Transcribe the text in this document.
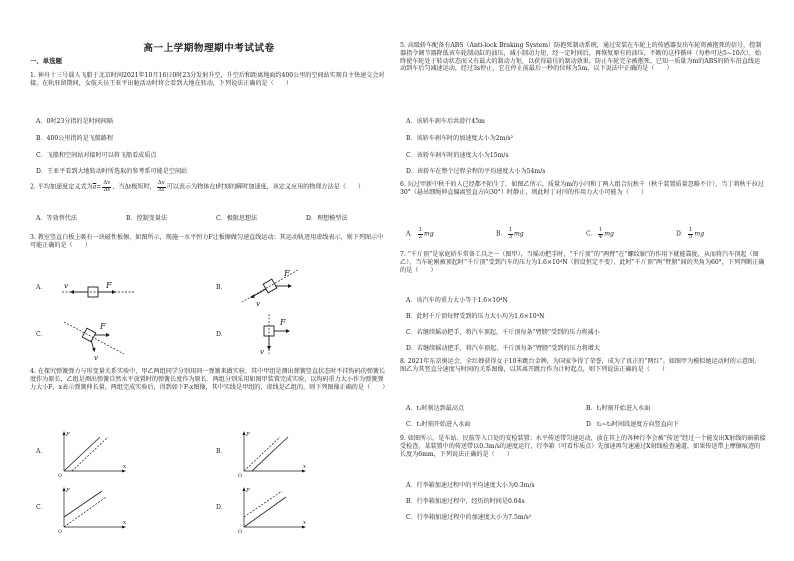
高一上学期物理期中考试试卷
一、单选题
1. 神舟十三号载人飞船于北京时间2021年10月16日0时23分发射升空，升空后和距离地面约400公里的空间站实现自主快速交会对接，在轨驻留期间，女航天员王亚平出舱活动时将会看到大地在转动，下列说法正确的是（　　）
A．0时23分指的是时间间隔
B．400公里指的是飞船路程
C．飞船和空间站对接时可以将飞船看成质点
D．王亚平看到大地转动时所选取的参考系可能是空间站
2. 平均加速度定义式为$\overline{a}= \frac{\Delta v}{\Delta t}$ ，当Δt极短时， $\frac{\Delta v}{\Delta t}$ 可以表示为物体在t时刻的瞬时加速度，该定义应用的物理方法是（　　）
A．等效替代法	B．控制变量法	C．极限思想法	D．理想模型法
3. 教室竖直白板上吸有一块磁性板擦，如图所示，现施一水平恒力F让板擦做匀速直线运动；其运动轨迹用虚线表示，则下列图示中可能正确的是（　　）
A．	v	F	B．
F
v
C．
F
v
D．
F
v
4. 在探究弹簧弹力与形变量关系实验中，甲乙两组同学分别用同一弹簧来做实验，其中甲组是测出弹簧竖直状态时不挂钩码的弹簧长度作为原长，乙组是测出弹簧自然水平放置时的弹簧长度作为原长．两组分别采用如图甲装置完成实验，以钩码重力大小作为弹簧弹力大小F，x表示弹簧伸长量，两组完成实验后，得到如下F-x图像，其中实线是甲组的，虚线是乙组的，则下列图像正确的是（　　）
A．
F
x
O
B．
F
x
O
C．
F
x
O
D．
F
x
O
5. 高级轿车配备有ABS（Anti-lock Braking System）防抱死制动系统，通过安装在车轮上的传感器发出车轮将被抱死的信号，控制器指令调节器降低该车轮制动缸的油压，减小制动力矩，经一定时间后，再恢复原有的油压，不断的这样循环（每秒可达5~10次），始终使车轮处于转动状态而又有最大的制动力矩，以获得最佳的制动效果，防止车轮完全被抱死。已知一质量为m的ABS的轿车沿直线运动到车后匀减速运动，经过3s停止，它在停止前最后一秒的位移为5m，以下说法中正确的是（　　）
A．该轿车刹车后共滑行45m
B．该轿车刹车时的加速度大小为2m/s²
C．该轿车刹车时的速度大小为15m/s
D．该轿车在整个过程全程的平均速度大小为54m/s
6. 玩过甲新中秋千的人已经都不陌生了。如图乙所示，质量为m的小闫和丁两人组合玩秋千（秋千装置质量忽略不计），当丁将秋千拉过30°（悬吊细绳伸直偏离竖直方向30°）时静止，则此时丁对闫的作用力大小可能为（　　）
A． $\frac{1}{2}$ mg	B． $\frac{1}{3}$ mg	C． $\frac{1}{4}$ mg	D． $\frac{1}{5}$ mg
7. “千斤顶”是家庭轿车常备工具之一（图甲），当摇动把手时，“千斤顶”的“两臂”在“螺纹轴”的作用下就能靠拢，从而将汽车顶起（图乙），当车轮刚被顶起时“千斤顶”受到汽车的压力为1.6×10⁴N（假设恒定不变），此时“千斤顶”两“臂膀”间的夹角为60°，下列判断正确的是（　　）
A．该汽车的重力大小等于1.6×10⁴N
B．此时千斤顶每臂受到的压力大小均为1.6×10⁴N
C．若继续摇动把手，将汽车顶起，千斤顶每条“臂膀”受到的压力将减小
D．若继续摇动把手，将汽车顶起，千斤顶每条“臂膀”受到的压力将增大
8. 2021年东京奥运会，全红婵获得女子10米跳台金牌，为国家争得了荣誉，成为了真正的“网红”。如图甲为模拟她运动时的示意图，图乙为其竖直分速度与时间的关系图像，以其离开跳台作为计时起点，则下列说法正确的是（　　）
A．t₁时刻达到最高点	B．t₁时刻开始进入水面
C．t₂时刻开始进入水面	D．t₂~t₃时间段速度方向竖直向下
9. 如图所示，是车站、民航等入口处的安检装置；水平传送带匀速运动，放在其上的各种行李会被“传送”经过一个能发出X射线的暗箱接受检查。某装置中的传送带以0.3m/s的速度运行，行李箱（可看作质点）先加速再匀速通过X射线检查通道，如果传送带上摩擦痕迹的长度为6mm，下列说法正确的是（　　）
A．行李箱加速过程中的平均速度大小为0.3m/s
B．行李箱加速过程中，经历的时间是0.04s
C．行李箱加速过程中的加速度大小为7.5m/s²
